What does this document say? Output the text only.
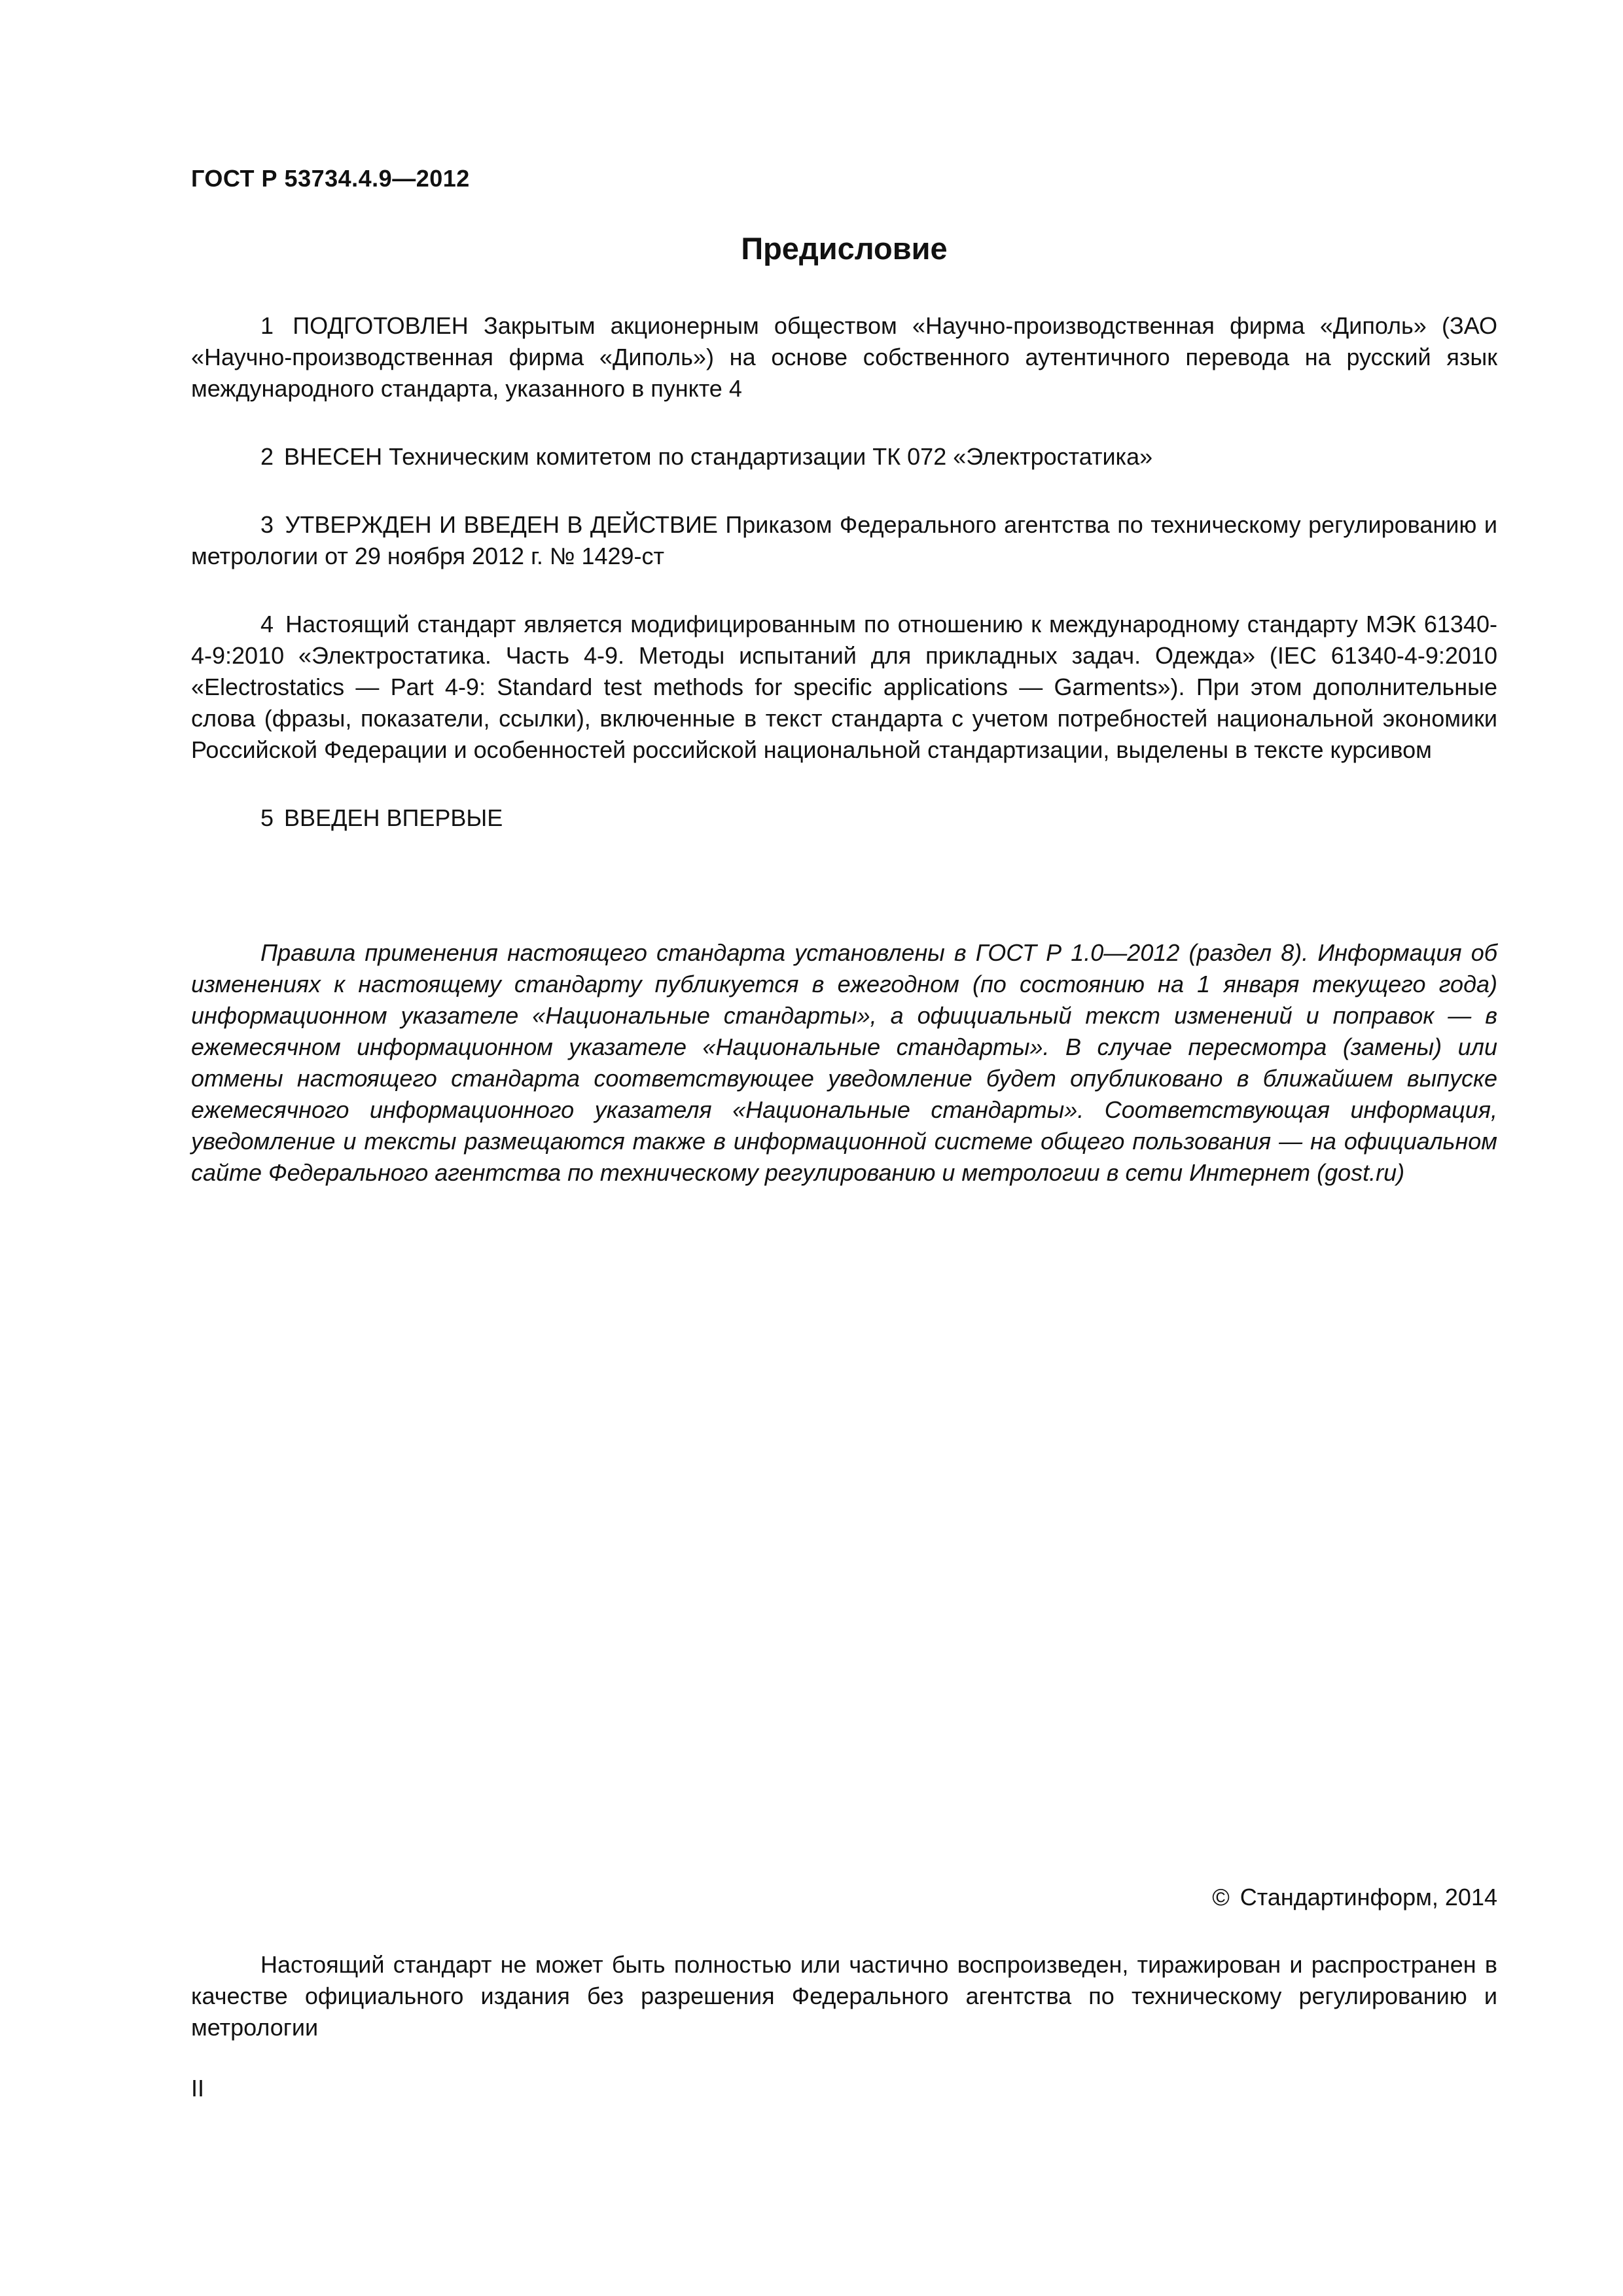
ГОСТ Р 53734.4.9—2012
Предисловие

1 ПОДГОТОВЛЕН Закрытым акционерным обществом «Научно-производственная фирма «Диполь» (ЗАО «Научно-производственная фирма «Диполь») на основе собственного аутентичного перевода на русский язык международного стандарта, указанного в пункте 4

2 ВНЕСЕН Техническим комитетом по стандартизации ТК 072 «Электростатика»

3 УТВЕРЖДЕН И ВВЕДЕН В ДЕЙСТВИЕ Приказом Федерального агентства по техническому регулированию и метрологии от 29 ноября 2012 г. № 1429-ст

4 Настоящий стандарт является модифицированным по отношению к международному стандарту МЭК 61340-4-9:2010 «Электростатика. Часть 4-9. Методы испытаний для прикладных задач. Одежда» (IEC 61340-4-9:2010 «Electrostatics — Part 4-9: Standard test methods for specific applications — Garments»). При этом дополнительные слова (фразы, показатели, ссылки), включенные в текст стандарта с учетом потребностей национальной экономики Российской Федерации и особенностей российской национальной стандартизации, выделены в тексте курсивом

5 ВВЕДЕН ВПЕРВЫЕ

Правила применения настоящего стандарта установлены в ГОСТ Р 1.0—2012 (раздел 8). Информация об изменениях к настоящему стандарту публикуется в ежегодном (по состоянию на 1 января текущего года) информационном указателе «Национальные стандарты», а официальный текст изменений и поправок — в ежемесячном информационном указателе «Национальные стандарты». В случае пересмотра (замены) или отмены настоящего стандарта соответствующее уведомление будет опубликовано в ближайшем выпуске ежемесячного информационного указателя «Национальные стандарты». Соответствующая информация, уведомление и тексты размещаются также в информационной системе общего пользования — на официальном сайте Федерального агентства по техническому регулированию и метрологии в сети Интернет (gost.ru)
© Стандартинформ, 2014
Настоящий стандарт не может быть полностью или частично воспроизведен, тиражирован и распространен в качестве официального издания без разрешения Федерального агентства по техническому регулированию и метрологии
II
